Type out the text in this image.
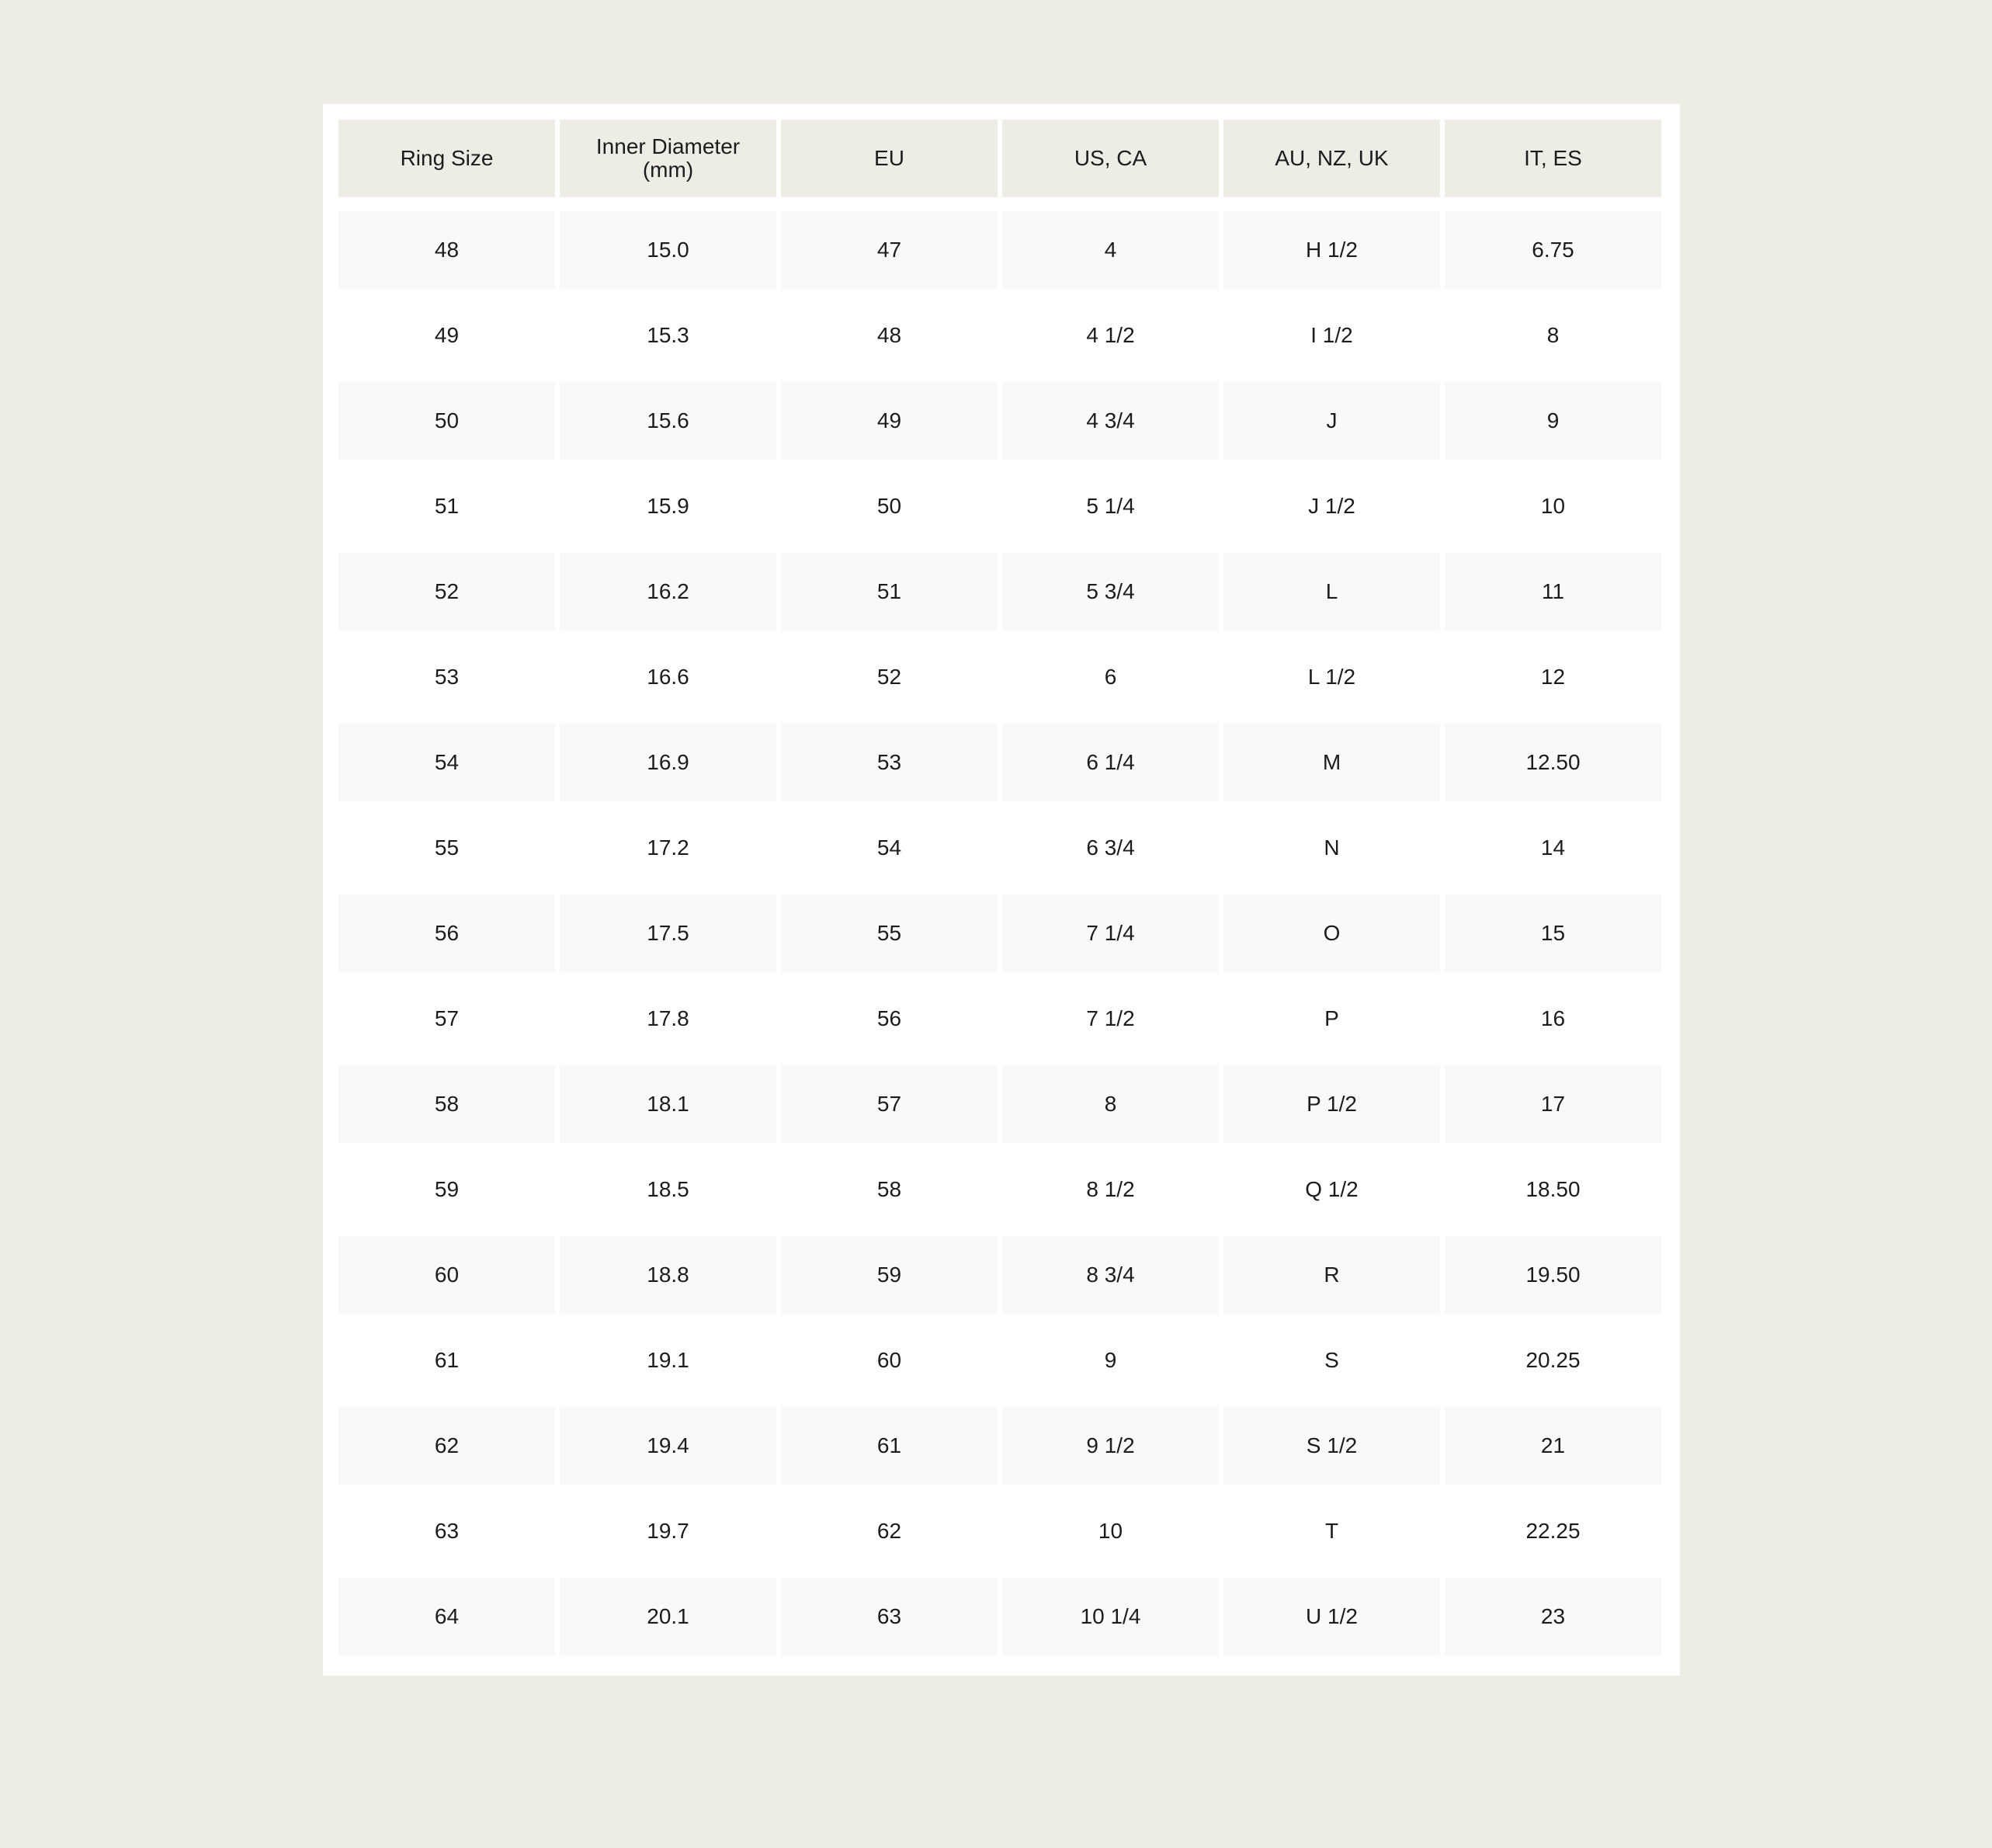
Ring Size	Inner Diameter (mm)	EU	US, CA	AU, NZ, UK	IT, ES

48	15.0	47	4	H 1/2	6.75
49	15.3	48	4 1/2	I 1/2	8
50	15.6	49	4 3/4	J	9
51	15.9	50	5 1/4	J 1/2	10
52	16.2	51	5 3/4	L	11
53	16.6	52	6	L 1/2	12
54	16.9	53	6 1/4	M	12.50
55	17.2	54	6 3/4	N	14
56	17.5	55	7 1/4	O	15
57	17.8	56	7 1/2	P	16
58	18.1	57	8	P 1/2	17
59	18.5	58	8 1/2	Q 1/2	18.50
60	18.8	59	8 3/4	R	19.50
61	19.1	60	9	S	20.25
62	19.4	61	9 1/2	S 1/2	21
63	19.7	62	10	T	22.25
64	20.1	63	10 1/4	U 1/2	23
